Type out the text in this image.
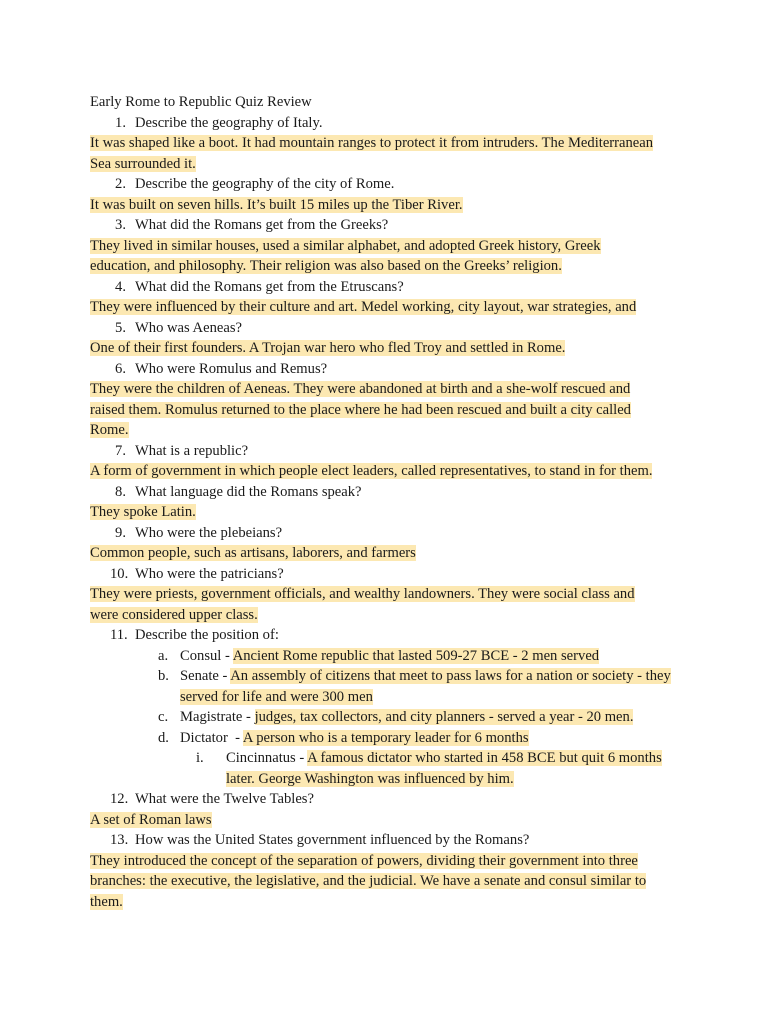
Early Rome to Republic Quiz Review
1. Describe the geography of Italy.

It was shaped like a boot. It had mountain ranges to protect it from intruders. The Mediterranean
Sea surrounded it.
2. Describe the geography of the city of Rome.

It was built on seven hills. It’s built 15 miles up the Tiber River.
3. What did the Romans get from the Greeks?

They lived in similar houses, used a similar alphabet, and adopted Greek history, Greek
education, and philosophy. Their religion was also based on the Greeks’ religion.
4. What did the Romans get from the Etruscans?

They were influenced by their culture and art. Medel working, city layout, war strategies, and
5. Who was Aeneas?

One of their first founders. A Trojan war hero who fled Troy and settled in Rome.
6. Who were Romulus and Remus?

They were the children of Aeneas. They were abandoned at birth and a she-wolf rescued and
raised them. Romulus returned to the place where he had been rescued and built a city called
Rome.
7. What is a republic?

A form of government in which people elect leaders, called representatives, to stand in for them.
8. What language did the Romans speak?

They spoke Latin.
9. Who were the plebeians?

Common people, such as artisans, laborers, and farmers
10. Who were the patricians?

They were priests, government officials, and wealthy landowners. They were social class and
were considered upper class.
11. Describe the position of:

a. Consul - Ancient Rome republic that lasted 509-27 BCE - 2 men served
b. Senate - An assembly of citizens that meet to pass laws for a nation or society - they served for life and were 300 men
c. Magistrate - judges, tax collectors, and city planners - served a year - 20 men.
d. Dictator  - A person who is a temporary leader for 6 months
i.	Cincinnatus - A famous dictator who started in 458 BCE but quit 6 months later. George Washington was influenced by him.
12. What were the Twelve Tables?

A set of Roman laws
13. How was the United States government influenced by the Romans?

They introduced the concept of the separation of powers, dividing their government into three
branches: the executive, the legislative, and the judicial. We have a senate and consul similar to
them.
